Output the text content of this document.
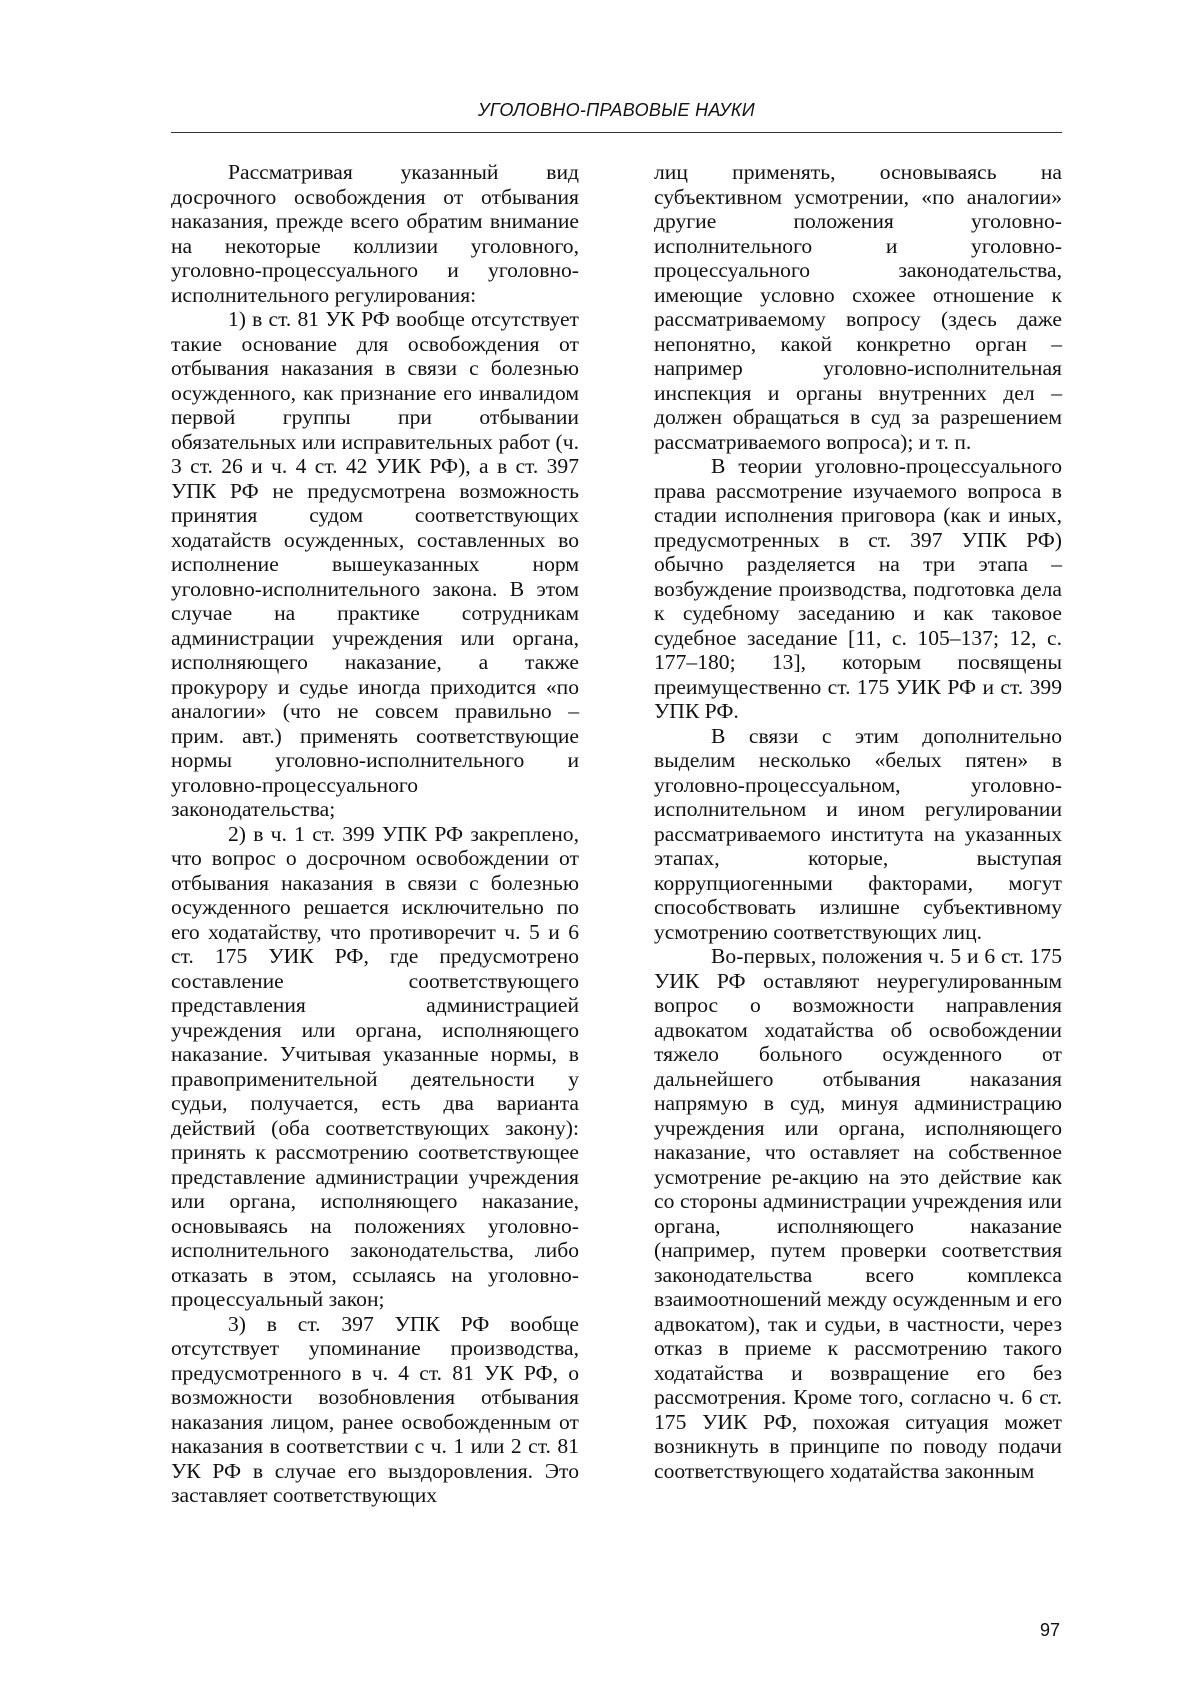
УГОЛОВНО-ПРАВОВЫЕ НАУКИ

Рассматривая указанный вид досрочного освобождения от отбывания наказания, прежде всего обратим внимание на некоторые коллизии уголовного, уголовно-процессуального и уголовно-исполнительного регулирования:

1) в ст. 81 УК РФ вообще отсутствует такие основание для освобождения от отбывания наказания в связи с болезнью осужденного, как признание его инвалидом первой группы при отбывании обязательных или исправительных работ (ч. 3 ст. 26 и ч. 4 ст. 42 УИК РФ), а в ст. 397 УПК РФ не предусмотрена возможность принятия судом соответствующих ходатайств осужденных, составленных во исполнение вышеуказанных норм уголовно-исполнительного закона. В этом случае на практике сотрудникам администрации учреждения или органа, исполняющего наказание, а также прокурору и судье иногда приходится «по аналогии» (что не совсем правильно – прим. авт.) применять соответствующие нормы уголовно-исполнительного и уголовно-процессуального законодательства;

2) в ч. 1 ст. 399 УПК РФ закреплено, что вопрос о досрочном освобождении от отбывания наказания в связи с болезнью осужденного решается исключительно по его ходатайству, что противоречит ч. 5 и 6 ст. 175 УИК РФ, где предусмотрено составление соответствующего представления администрацией учреждения или органа, исполняющего наказание. Учитывая указанные нормы, в правоприменительной деятельности у судьи, получается, есть два варианта действий (оба соответствующих закону): принять к рассмотрению соответствующее представление администрации учреждения или органа, исполняющего наказание, основываясь на положениях уголовно-исполнительного законодательства, либо отказать в этом, ссылаясь на уголовно-процессуальный закон;

3) в ст. 397 УПК РФ вообще отсутствует упоминание производства, предусмотренного в ч. 4 ст. 81 УК РФ, о возможности возобновления отбывания наказания лицом, ранее освобожденным от наказания в соответствии с ч. 1 или 2 ст. 81 УК РФ в случае его выздоровления. Это заставляет соответствующих

лиц применять, основываясь на субъективном усмотрении, «по аналогии» другие положения уголовно-исполнительного и уголовно-процессуального законодательства, имеющие условно схожее отношение к рассматриваемому вопросу (здесь даже непонятно, какой конкретно орган – например уголовно-исполнительная инспекция и органы внутренних дел – должен обращаться в суд за разрешением рассматриваемого вопроса); и т. п.

В теории уголовно-процессуального права рассмотрение изучаемого вопроса в стадии исполнения приговора (как и иных, предусмотренных в ст. 397 УПК РФ) обычно разделяется на три этапа – возбуждение производства, подготовка дела к судебному заседанию и как таковое судебное заседание [11, с. 105–137; 12, с. 177–180; 13], которым посвящены преимущественно ст. 175 УИК РФ и ст. 399 УПК РФ.

В связи с этим дополнительно выделим несколько «белых пятен» в уголовно-процессуальном, уголовно-исполнительном и ином регулировании рассматриваемого института на указанных этапах, которые, выступая коррупциогенными факторами, могут способствовать излишне субъективному усмотрению соответствующих лиц.

Во-первых, положения ч. 5 и 6 ст. 175 УИК РФ оставляют неурегулированным вопрос о возможности направления адвокатом ходатайства об освобождении тяжело больного осужденного от дальнейшего отбывания наказания напрямую в суд, минуя администрацию учреждения или органа, исполняющего наказание, что оставляет на собственное усмотрение ре-акцию на это действие как со стороны администрации учреждения или органа, исполняющего наказание (например, путем проверки соответствия законодательства всего комплекса взаимоотношений между осужденным и его адвокатом), так и судьи, в частности, через отказ в приеме к рассмотрению такого ходатайства и возвращение его без рассмотрения. Кроме того, согласно ч. 6 ст. 175 УИК РФ, похожая ситуация может возникнуть в принципе по поводу подачи соответствующего ходатайства законным

97
